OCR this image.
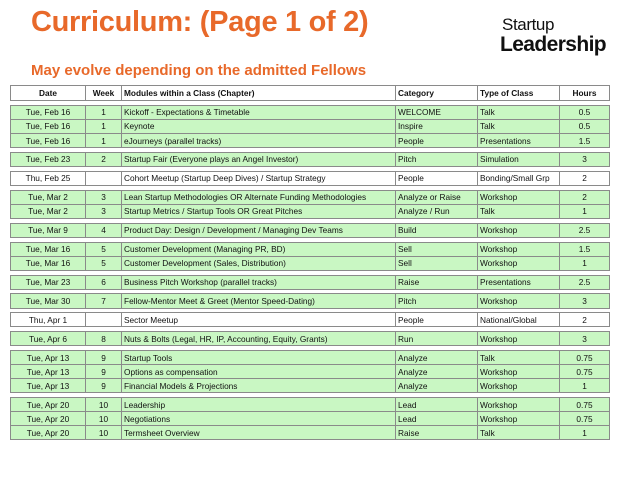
Curriculum: (Page 1 of 2)
May evolve depending on the admitted Fellows
Startup
Leadership
Date	Week	Modules within a Class (Chapter)	Category	Type of Class	Hours

Tue, Feb 16	1	Kickoff - Expectations & Timetable	WELCOME	Talk	0.5
Tue, Feb 16	1	Keynote	Inspire	Talk	0.5
Tue, Feb 16	1	eJourneys (parallel tracks)	People	Presentations	1.5

Tue, Feb 23	2	Startup Fair (Everyone plays an Angel Investor)	Pitch	Simulation	3

Thu, Feb 25		Cohort Meetup (Startup Deep Dives) / Startup Strategy	People	Bonding/Small Grp	2

Tue, Mar 2	3	Lean Startup Methodologies OR Alternate Funding Methodologies	Analyze or Raise	Workshop	2
Tue, Mar 2	3	Startup Metrics / Startup Tools OR Great Pitches	Analyze / Run	Talk	1

Tue, Mar 9	4	Product Day: Design / Development / Managing Dev Teams	Build	Workshop	2.5

Tue, Mar 16	5	Customer Development (Managing PR, BD)	Sell	Workshop	1.5
Tue, Mar 16	5	Customer Development (Sales, Distribution)	Sell	Workshop	1

Tue, Mar 23	6	Business Pitch Workshop (parallel tracks)	Raise	Presentations	2.5

Tue, Mar 30	7	Fellow-Mentor Meet & Greet (Mentor Speed-Dating)	Pitch	Workshop	3

Thu, Apr 1		Sector Meetup	People	National/Global	2

Tue, Apr 6	8	Nuts & Bolts (Legal, HR, IP, Accounting, Equity, Grants)	Run	Workshop	3

Tue, Apr 13	9	Startup Tools	Analyze	Talk	0.75
Tue, Apr 13	9	Options as compensation	Analyze	Workshop	0.75
Tue, Apr 13	9	Financial Models & Projections	Analyze	Workshop	1

Tue, Apr 20	10	Leadership	Lead	Workshop	0.75
Tue, Apr 20	10	Negotiations	Lead	Workshop	0.75
Tue, Apr 20	10	Termsheet Overview	Raise	Talk	1
